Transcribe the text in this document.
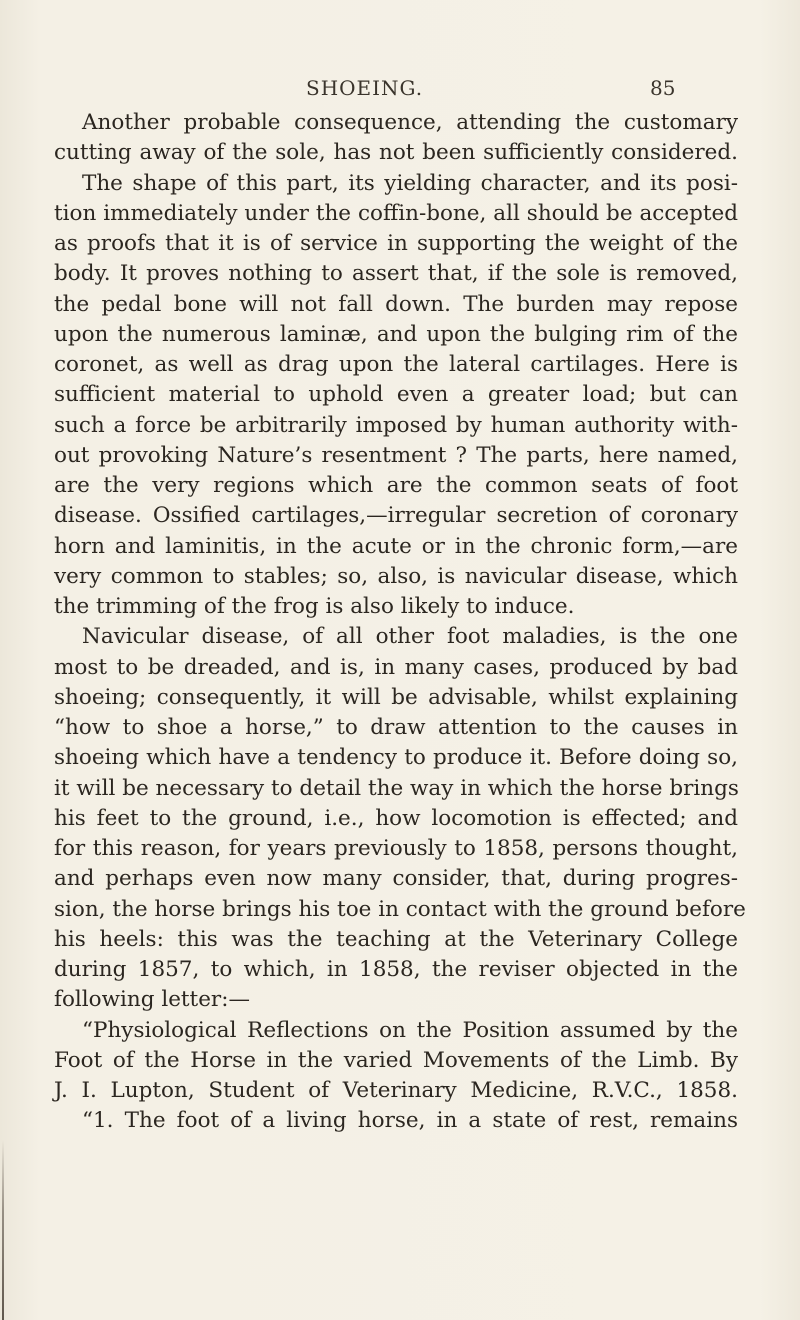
SHOEING.	85
Another probable consequence, attending the customary
cutting away of the sole, has not been sufficiently considered.
The shape of this part, its yielding character, and its posi-
tion immediately under the coffin-bone, all should be accepted
as proofs that it is of service in supporting the weight of the
body. It proves nothing to assert that, if the sole is removed,
the pedal bone will not fall down. The burden may repose
upon the numerous laminæ, and upon the bulging rim of the
coronet, as well as drag upon the lateral cartilages. Here is
sufficient material to uphold even a greater load; but can
such a force be arbitrarily imposed by human authority with-
out provoking Nature’s resentment ? The parts, here named,
are the very regions which are the common seats of foot
disease. Ossified cartilages,—irregular secretion of coronary
horn and laminitis, in the acute or in the chronic form,—are
very common to stables; so, also, is navicular disease, which
the trimming of the frog is also likely to induce.
Navicular disease, of all other foot maladies, is the one
most to be dreaded, and is, in many cases, produced by bad
shoeing; consequently, it will be advisable, whilst explaining
“how to shoe a horse,” to draw attention to the causes in
shoeing which have a tendency to produce it. Before doing so,
it will be necessary to detail the way in which the horse brings
his feet to the ground, i.e., how locomotion is effected; and
for this reason, for years previously to 1858, persons thought,
and perhaps even now many consider, that, during progres-
sion, the horse brings his toe in contact with the ground before
his heels: this was the teaching at the Veterinary College
during 1857, to which, in 1858, the reviser objected in the
following letter:—
“Physiological Reflections on the Position assumed by the
Foot of the Horse in the varied Movements of the Limb. By
J. I. Lupton, Student of Veterinary Medicine, R.V.C., 1858.
“1. The foot of a living horse, in a state of rest, remains
